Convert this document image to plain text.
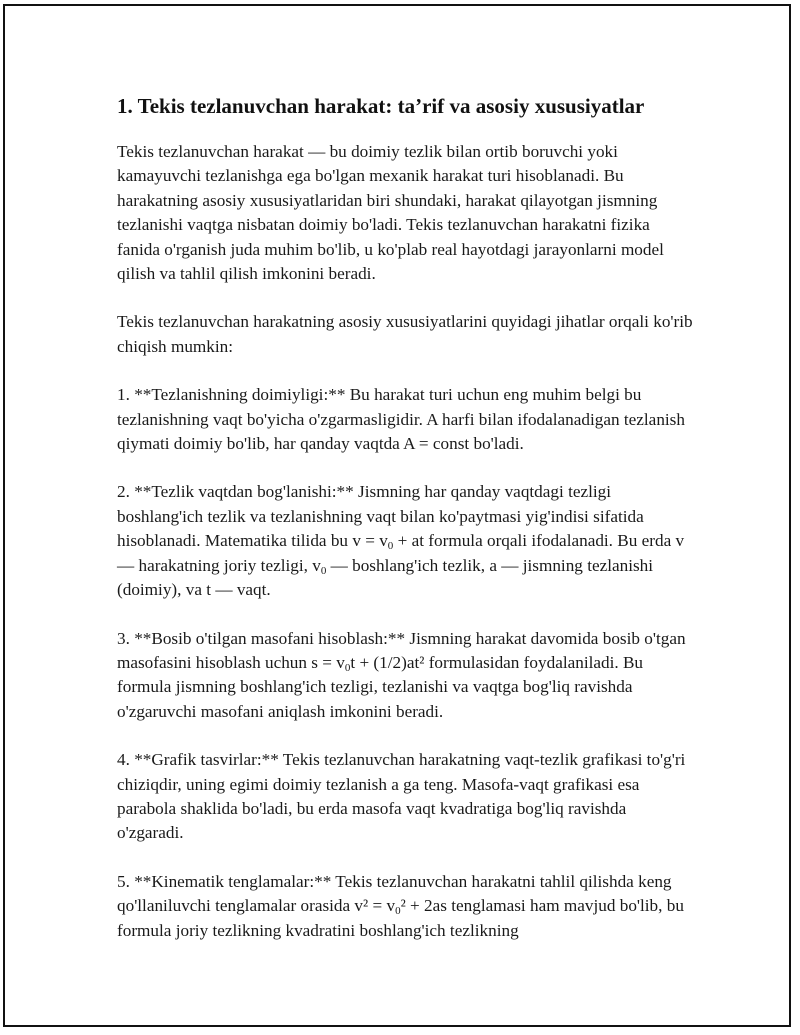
1. Tekis tezlanuvchan harakat: ta’rif va asosiy xususiyatlar

Tekis tezlanuvchan harakat — bu doimiy tezlik bilan ortib boruvchi yoki kamayuvchi tezlanishga ega bo'lgan mexanik harakat turi hisoblanadi. Bu harakatning asosiy xususiyatlaridan biri shundaki, harakat qilayotgan jismning tezlanishi vaqtga nisbatan doimiy bo'ladi. Tekis tezlanuvchan harakatni fizika fanida o'rganish juda muhim bo'lib, u ko'plab real hayotdagi jarayonlarni model qilish va tahlil qilish imkonini beradi.

Tekis tezlanuvchan harakatning asosiy xususiyatlarini quyidagi jihatlar orqali ko'rib chiqish mumkin:

1. **Tezlanishning doimiyligi:** Bu harakat turi uchun eng muhim belgi bu tezlanishning vaqt bo'yicha o'zgarmasligidir. A harfi bilan ifodalanadigan tezlanish qiymati doimiy bo'lib, har qanday vaqtda A = const bo'ladi.

2. **Tezlik vaqtdan bog'lanishi:** Jismning har qanday vaqtdagi tezligi boshlang'ich tezlik va tezlanishning vaqt bilan ko'paytmasi yig'indisi sifatida hisoblanadi. Matematika tilida bu $v = v_0$ + at formula orqali ifodalanadi. Bu erda v — harakatning joriy tezligi, $v_0$ — boshlang'ich tezlik, a — jismning tezlanishi (doimiy), va t — vaqt.

3. **Bosib o'tilgan masofani hisoblash:** Jismning harakat davomida bosib o'tgan masofasini hisoblash uchun $s = v_0t + (1/2)at^2$ formulasidan foydalaniladi. Bu formula jismning boshlang'ich tezligi, tezlanishi va vaqtga bog'liq ravishda o'zgaruvchi masofani aniqlash imkonini beradi.

4. **Grafik tasvirlar:** Tekis tezlanuvchan harakatning vaqt-tezlik grafikasi to'g'ri chiziqdir, uning egimi doimiy tezlanish a ga teng. Masofa-vaqt grafikasi esa parabola shaklida bo'ladi, bu erda masofa vaqt kvadratiga bog'liq ravishda o'zgaradi.

5. **Kinematik tenglamalar:** Tekis tezlanuvchan harakatni tahlil qilishda keng qo'llaniluvchi tenglamalar orasida $v^2 = v_0^2 + 2as$ tenglamasi ham mavjud bo'lib, bu formula joriy tezlikning kvadratini boshlang'ich tezlikning
